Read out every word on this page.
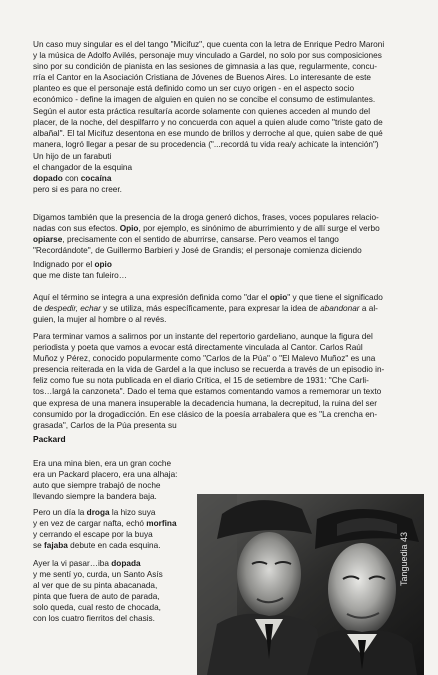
Un caso muy singular es el del tango "Micifuz", que cuenta con la letra de Enrique Pedro Maroni
y la música de Adolfo Avilés, personaje muy vinculado a Gardel, no solo por sus composiciones
sino por su condición de pianista en las sesiones de gimnasia a las que, regularmente, concu-
rría el Cantor en la Asociación Cristiana de Jóvenes de Buenos Aires. Lo interesante de este
planteo es que el personaje está definido como un ser cuyo origen - en el aspecto socio
económico - define la imagen de alguien en quien no se concibe el consumo de estimulantes.
Según el autor esta práctica resultaría acorde solamente con quienes acceden al mundo del
placer, de la noche, del despilfarro y no concuerda con aquel a quien alude como "triste gato de
albañal". El tal Micifuz desentona en ese mundo de brillos y derroche al que, quien sabe de qué
manera, logró llegar a pesar de su procedencia ("...recordá tu vida rea/y achicate la intención")

Un hijo de un farabuti
el changador de la esquina
dopado con cocaína
pero si es para no creer.

Digamos también que la presencia de la droga generó dichos, frases, voces populares relacio-
nadas con sus efectos. Opio, por ejemplo, es sinónimo de aburrimiento y de allí surge el verbo
opiarse, precisamente con el sentido de aburrirse, cansarse. Pero veamos el tango
"Recordándote", de Guillermo Barbieri y José de Grandis; el personaje comienza diciendo

Indignado por el opio
que me diste tan fuleiro…

Aquí el término se integra a una expresión definida como "dar el opio" y que tiene el significado
de despedir, echar y se utiliza, más específicamente, para expresar la idea de abandonar a al-
guien, la mujer al hombre o al revés.

Para terminar vamos a salirnos por un instante del repertorio gardeliano, aunque la figura del
periodista y poeta que vamos a evocar está directamente vinculada al Cantor. Carlos Raúl
Muñoz y Pérez, conocido popularmente como "Carlos de la Púa" o "El Malevo Muñoz" es una
presencia reiterada en la vida de Gardel a la que incluso se recuerda a través de un episodio in-
feliz como fue su nota publicada en el diario Crítica, el 15 de setiembre de 1931: "Che Carli-
tos…largá la canzoneta". Dado el tema que estamos comentando vamos a rememorar un texto
que expresa de una manera insuperable la decadencia humana, la decrepitud, la ruina del ser
consumido por la drogadicción. En ese clásico de la poesía arrabalera que es "La crencha en-
grasada", Carlos de la Púa presenta su

Packard

Era una mina bien, era un gran coche
era un Packard placero, era una alhaja:
auto que siempre trabajó de noche
llevando siempre la bandera baja.

Pero un día la droga la hizo suya
y en vez de cargar nafta, echó morfina
y cerrando el escape por la buya
se fajaba debute en cada esquina.

Ayer la vi pasar…iba dopada
y me sentí yo, curda, un Santo Asís
al ver que de su pinta abacanada,
pinta que fuera de auto de parada,
solo queda, cual resto de chocada,
con los cuatro fierritos del chasis.

Tanguedia 43
